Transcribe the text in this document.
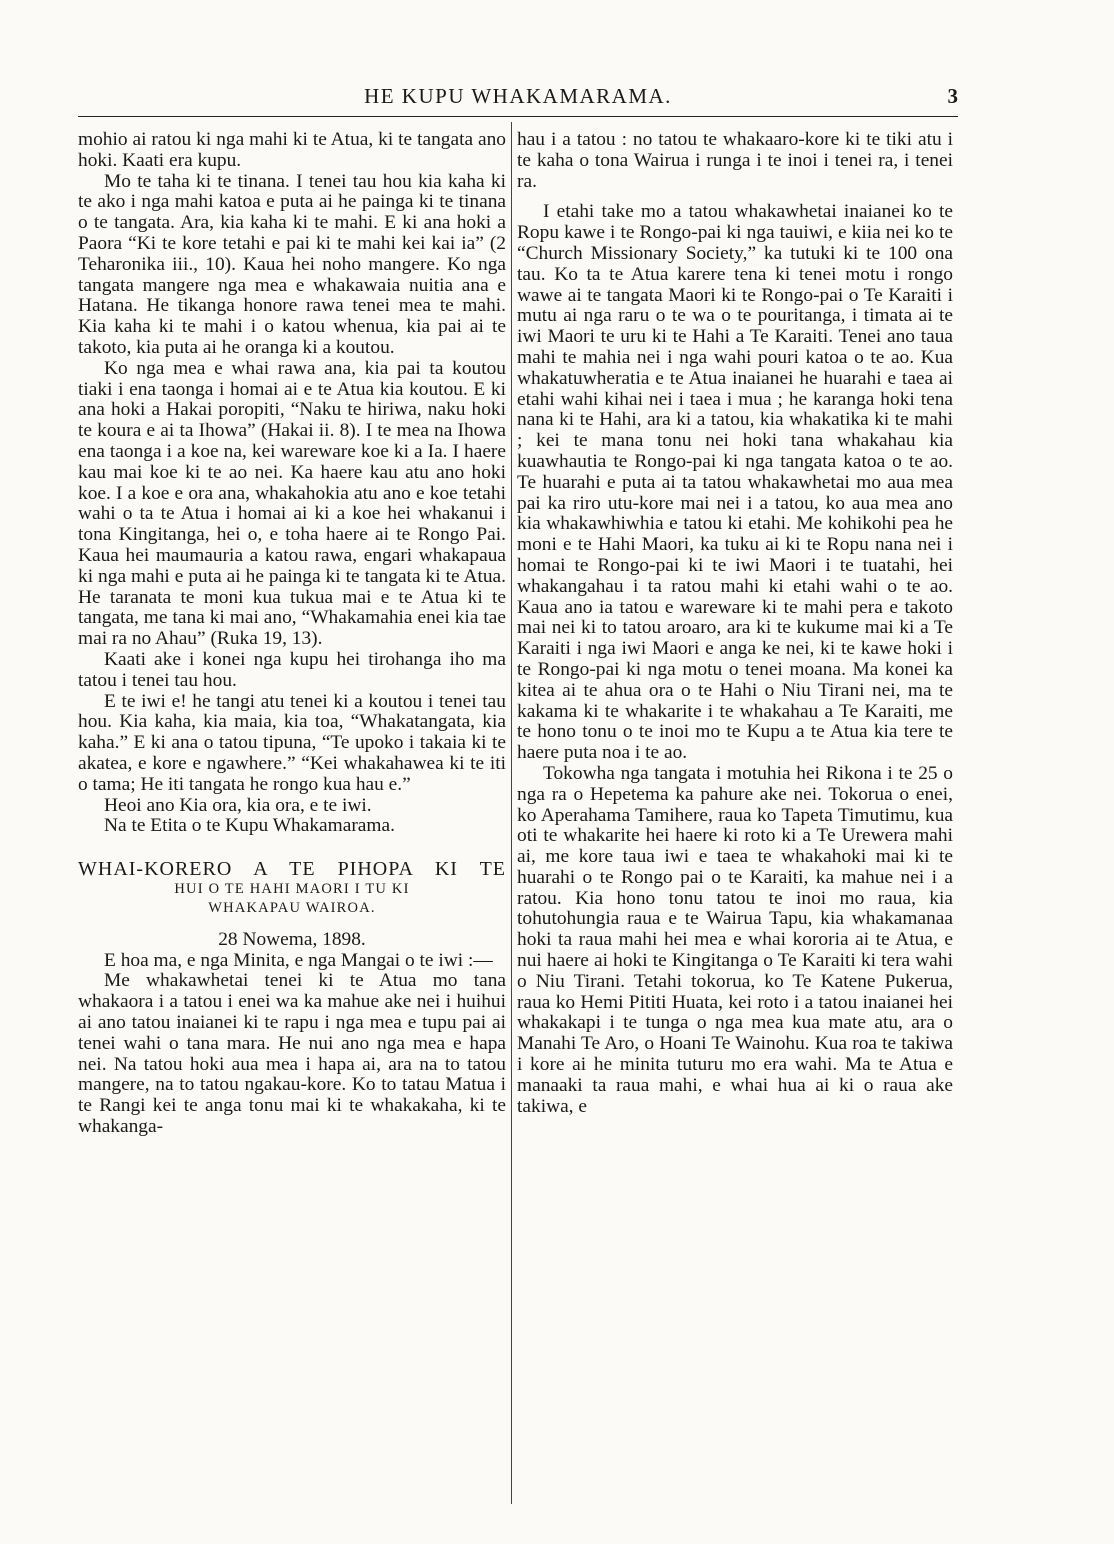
HE KUPU WHAKAMARAMA.	3

mohio ai ratou ki nga mahi ki te Atua, ki te tangata ano hoki. Kaati era kupu.

Mo te taha ki te tinana. I tenei tau hou kia kaha ki te ako i nga mahi katoa e puta ai he painga ki te tinana o te tangata. Ara, kia kaha ki te mahi. E ki ana hoki a Paora “Ki te kore tetahi e pai ki te mahi kei kai ia” (2 Teharonika iii., 10). Kaua hei noho mangere. Ko nga tangata mangere nga mea e whakawaia nuitia ana e Hatana. He tikanga honore rawa tenei mea te mahi. Kia kaha ki te mahi i o katou whenua, kia pai ai te takoto, kia puta ai he oranga ki a koutou.

Ko nga mea e whai rawa ana, kia pai ta koutou tiaki i ena taonga i homai ai e te Atua kia koutou. E ki ana hoki a Hakai poropiti, “Naku te hiriwa, naku hoki te koura e ai ta Ihowa” (Hakai ii. 8). I te mea na Ihowa ena taonga i a koe na, kei wareware koe ki a Ia. I haere kau mai koe ki te ao nei. Ka haere kau atu ano hoki koe. I a koe e ora ana, whakahokia atu ano e koe tetahi wahi o ta te Atua i homai ai ki a koe hei whakanui i tona Kingitanga, hei o, e toha haere ai te Rongo Pai. Kaua hei maumauria a katou rawa, engari whakapaua ki nga mahi e puta ai he painga ki te tangata ki te Atua. He taranata te moni kua tukua mai e te Atua ki te tangata, me tana ki mai ano, “Whakamahia enei kia tae mai ra no Ahau” (Ruka 19, 13).

Kaati ake i konei nga kupu hei tirohanga iho ma tatou i tenei tau hou.

E te iwi e! he tangi atu tenei ki a koutou i tenei tau hou. Kia kaha, kia maia, kia toa, “Whakatangata, kia kaha.” E ki ana o tatou tipuna, “Te upoko i takaia ki te akatea, e kore e ngawhere.” “Kei whakahawea ki te iti o tama; He iti tangata he rongo kua hau e.”

Heoi ano Kia ora, kia ora, e te iwi.

Na te Etita o te Kupu Whakamarama.

WHAI-KORERO A TE PIHOPA KI TE
HUI O TE HAHI MAORI I TU KI
WHAKAPAU WAIROA.

28 Nowema, 1898.

E hoa ma, e nga Minita, e nga Mangai o te iwi :—

Me whakawhetai tenei ki te Atua mo tana whakaora i a tatou i enei wa ka mahue ake nei i huihui ai ano tatou inaianei ki te rapu i nga mea e tupu pai ai tenei wahi o tana mara. He nui ano nga mea e hapa nei. Na tatou hoki aua mea i hapa ai, ara na to tatou mangere, na to tatou ngakau-kore. Ko to tatau Matua i te Rangi kei te anga tonu mai ki te whakakaha, ki te whakanga-

hau i a tatou : no tatou te whakaaro-kore ki te tiki atu i te kaha o tona Wairua i runga i te inoi i tenei ra, i tenei ra.

I etahi take mo a tatou whakawhetai inaianei ko te Ropu kawe i te Rongo-pai ki nga tauiwi, e kiia nei ko te “Church Missionary Society,” ka tutuki ki te 100 ona tau. Ko ta te Atua karere tena ki tenei motu i rongo wawe ai te tangata Maori ki te Rongo-pai o Te Karaiti i mutu ai nga raru o te wa o te pouritanga, i timata ai te iwi Maori te uru ki te Hahi a Te Karaiti. Tenei ano taua mahi te mahia nei i nga wahi pouri katoa o te ao. Kua whakatuwheratia e te Atua inaianei he huarahi e taea ai etahi wahi kihai nei i taea i mua ; he karanga hoki tena nana ki te Hahi, ara ki a tatou, kia whakatika ki te mahi ; kei te mana tonu nei hoki tana whakahau kia kuawhautia te Rongo-pai ki nga tangata katoa o te ao. Te huarahi e puta ai ta tatou whakawhetai mo aua mea pai ka riro utu-kore mai nei i a tatou, ko aua mea ano kia whakawhiwhia e tatou ki etahi. Me kohikohi pea he moni e te Hahi Maori, ka tuku ai ki te Ropu nana nei i homai te Rongo-pai ki te iwi Maori i te tuatahi, hei whakangahau i ta ratou mahi ki etahi wahi o te ao. Kaua ano ia tatou e wareware ki te mahi pera e takoto mai nei ki to tatou aroaro, ara ki te kukume mai ki a Te Karaiti i nga iwi Maori e anga ke nei, ki te kawe hoki i te Rongo-pai ki nga motu o tenei moana. Ma konei ka kitea ai te ahua ora o te Hahi o Niu Tirani nei, ma te kakama ki te whakarite i te whakahau a Te Karaiti, me te hono tonu o te inoi mo te Kupu a te Atua kia tere te haere puta noa i te ao.

Tokowha nga tangata i motuhia hei Rikona i te 25 o nga ra o Hepetema ka pahure ake nei. Tokorua o enei, ko Aperahama Tamihere, raua ko Tapeta Timutimu, kua oti te whakarite hei haere ki roto ki a Te Urewera mahi ai, me kore taua iwi e taea te whakahoki mai ki te huarahi o te Rongo pai o te Karaiti, ka mahue nei i a ratou. Kia hono tonu tatou te inoi mo raua, kia tohutohungia raua e te Wairua Tapu, kia whakamanaa hoki ta raua mahi hei mea e whai kororia ai te Atua, e nui haere ai hoki te Kingitanga o Te Karaiti ki tera wahi o Niu Tirani. Tetahi tokorua, ko Te Katene Pukerua, raua ko Hemi Pititi Huata, kei roto i a tatou inaianei hei whakakapi i te tunga o nga mea kua mate atu, ara o Manahi Te Aro, o Hoani Te Wainohu. Kua roa te takiwa i kore ai he minita tuturu mo era wahi. Ma te Atua e manaaki ta raua mahi, e whai hua ai ki o raua ake takiwa, e
